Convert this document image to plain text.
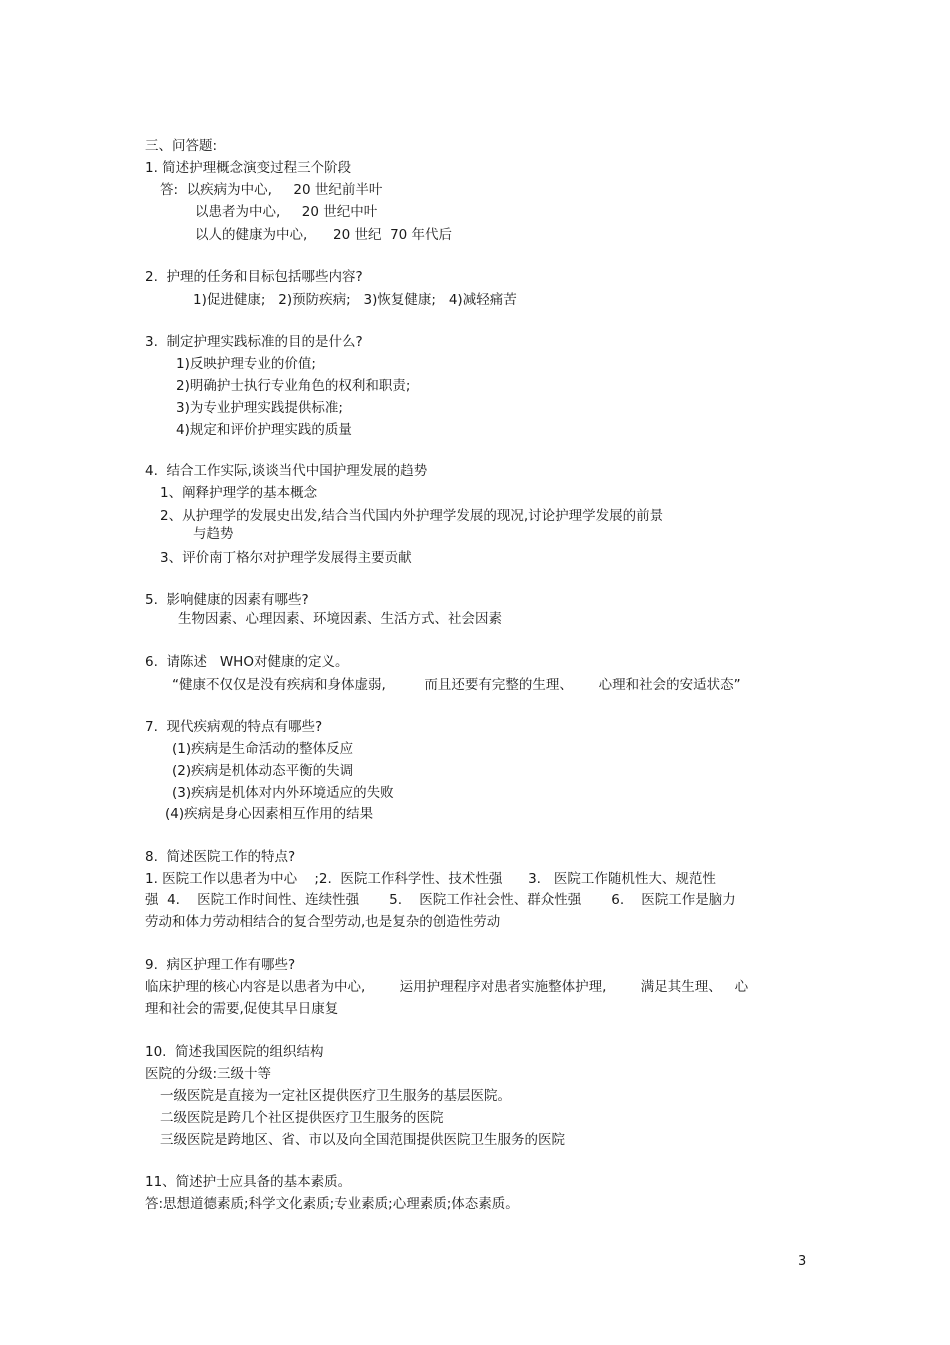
三、问答题:
1. 简述护理概念演变过程三个阶段
答:  以疾病为中心,     20 世纪前半叶
以患者为中心,     20 世纪中叶
以人的健康为中心,      20 世纪  70 年代后
2.  护理的任务和目标包括哪些内容?
1)促进健康;   2)预防疾病;   3)恢复健康;   4)减轻痛苦
3.  制定护理实践标准的目的是什么?
1)反映护理专业的价值;
2)明确护士执行专业角色的权利和职责;
3)为专业护理实践提供标准;
4)规定和评价护理实践的质量
4.  结合工作实际,谈谈当代中国护理发展的趋势
1、阐释护理学的基本概念
2、从护理学的发展史出发,结合当代国内外护理学发展的现况,讨论护理学发展的前景
与趋势
3、评价南丁格尔对护理学发展得主要贡献
5.  影响健康的因素有哪些?
生物因素、心理因素、环境因素、生活方式、社会因素
6.  请陈述   WHO对健康的定义。
“健康不仅仅是没有疾病和身体虚弱,         而且还要有完整的生理、      心理和社会的安适状态”
7.  现代疾病观的特点有哪些?
(1)疾病是生命活动的整体反应
(2)疾病是机体动态平衡的失调
(3)疾病是机体对内外环境适应的失败
(4)疾病是身心因素相互作用的结果
8.  简述医院工作的特点?
1. 医院工作以患者为中心    ;2.  医院工作科学性、技术性强      3.   医院工作随机性大、规范性
强  4.    医院工作时间性、连续性强       5.    医院工作社会性、群众性强       6.    医院工作是脑力
劳动和体力劳动相结合的复合型劳动,也是复杂的创造性劳动
9.  病区护理工作有哪些?
临床护理的核心内容是以患者为中心,        运用护理程序对患者实施整体护理,        满足其生理、   心
理和社会的需要,促使其早日康复
10.  简述我国医院的组织结构
医院的分级:三级十等
一级医院是直接为一定社区提供医疗卫生服务的基层医院。
二级医院是跨几个社区提供医疗卫生服务的医院
三级医院是跨地区、省、市以及向全国范围提供医院卫生服务的医院
11、简述护士应具备的基本素质。
答:思想道德素质;科学文化素质;专业素质;心理素质;体态素质。
3
